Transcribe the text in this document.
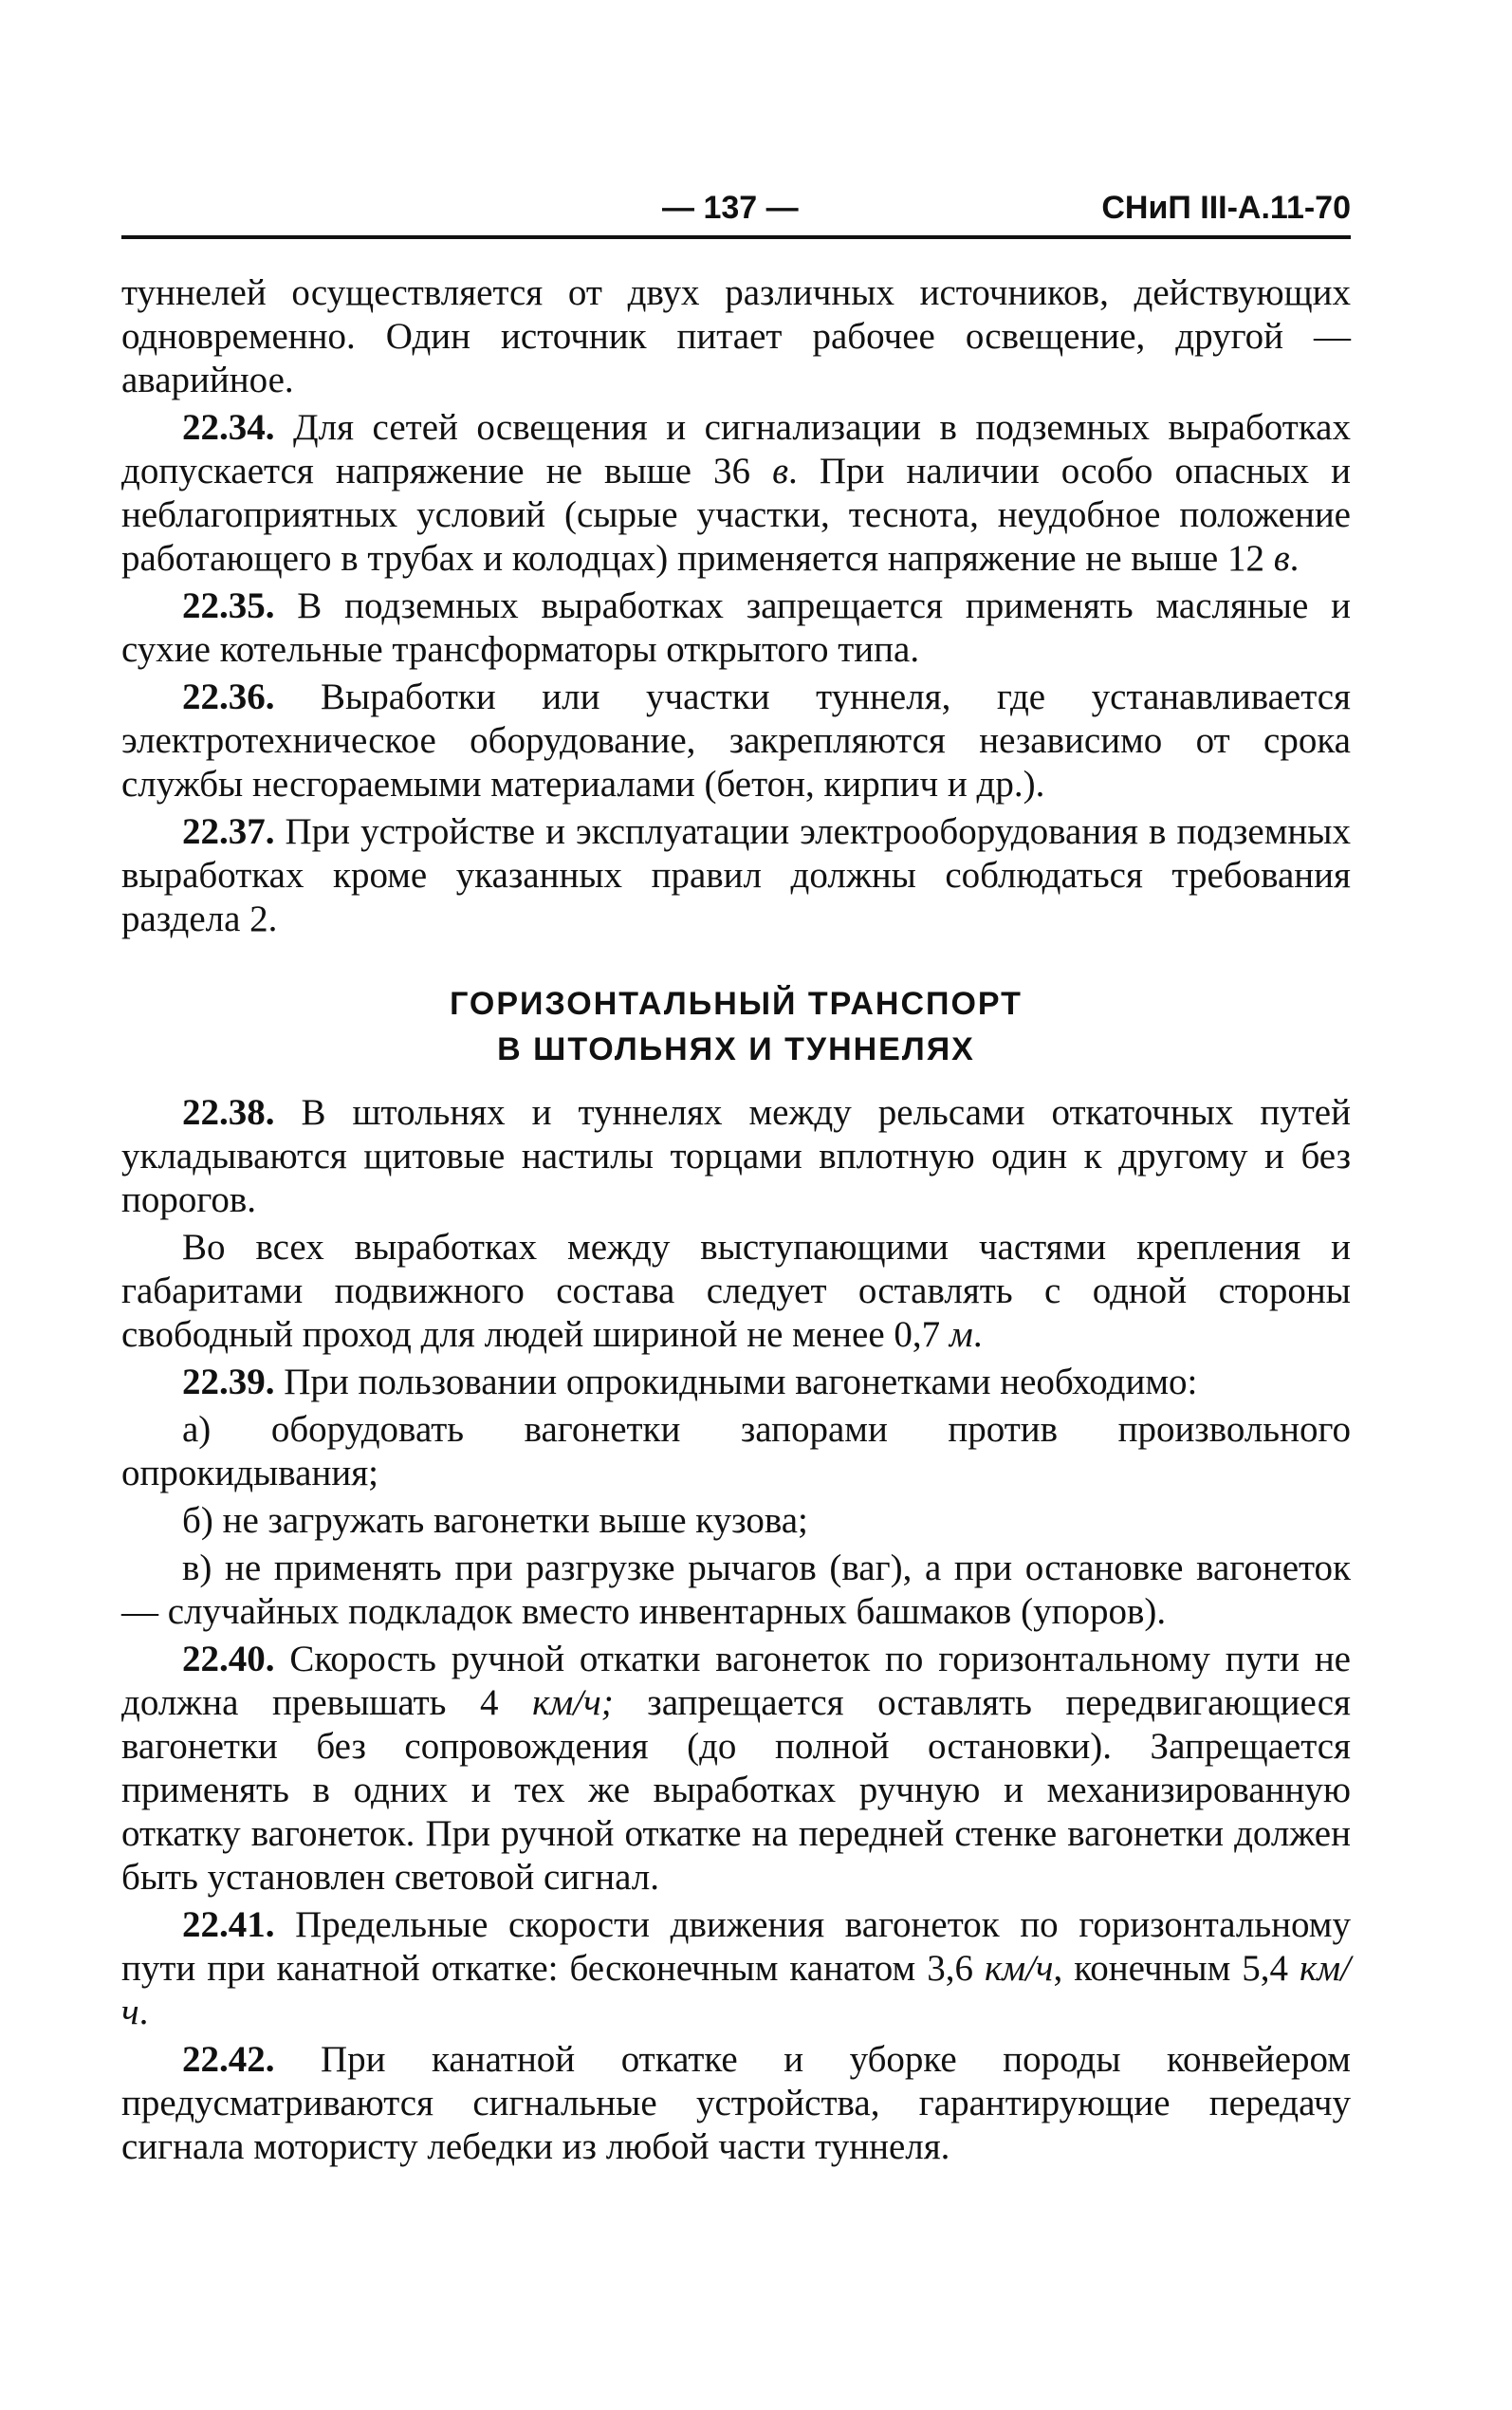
— 137 —	СНиП III-А.11-70

туннелей осуществляется от двух различных источников, действующих одновременно. Один источник питает рабочее освещение, другой — аварийное.

22.34. Для сетей освещения и сигнализации в подземных выработках допускается напряжение не выше 36 в. При наличии особо опасных и неблагоприятных условий (сырые участки, теснота, неудобное положение работающего в трубах и колодцах) применяется напряжение не выше 12 в.

22.35. В подземных выработках запрещается применять масляные и сухие котельные трансформаторы открытого типа.

22.36. Выработки или участки туннеля, где устанавливается электротехническое оборудование, закрепляются независимо от срока службы несгораемыми материалами (бетон, кирпич и др.).

22.37. При устройстве и эксплуатации электрооборудования в подземных выработках кроме указанных правил должны соблюдаться требования раздела 2.

ГОРИЗОНТАЛЬНЫЙ ТРАНСПОРТ
В ШТОЛЬНЯХ И ТУННЕЛЯХ

22.38. В штольнях и туннелях между рельсами откаточных путей укладываются щитовые настилы торцами вплотную один к другому и без порогов.

Во всех выработках между выступающими частями крепления и габаритами подвижного состава следует оставлять с одной стороны свободный проход для людей шириной не менее 0,7 м.

22.39. При пользовании опрокидными вагонетками необходимо:

а) оборудовать вагонетки запорами против произвольного опрокидывания;

б) не загружать вагонетки выше кузова;

в) не применять при разгрузке рычагов (ваг), а при остановке вагонеток — случайных подкладок вместо инвентарных башмаков (упоров).

22.40. Скорость ручной откатки вагонеток по горизонтальному пути не должна превышать 4 км/ч; запрещается оставлять передвигающиеся вагонетки без сопровождения (до полной остановки). Запрещается применять в одних и тех же выработках ручную и механизированную откатку вагонеток. При ручной откатке на передней стенке вагонетки должен быть установлен световой сигнал.

22.41. Предельные скорости движения вагонеток по горизонтальному пути при канатной откатке: бесконечным канатом 3,6 км/ч, конечным 5,4 км/ч.

22.42. При канатной откатке и уборке породы конвейером предусматриваются сигнальные устройства, гарантирующие передачу сигнала мотористу лебедки из любой части туннеля.
